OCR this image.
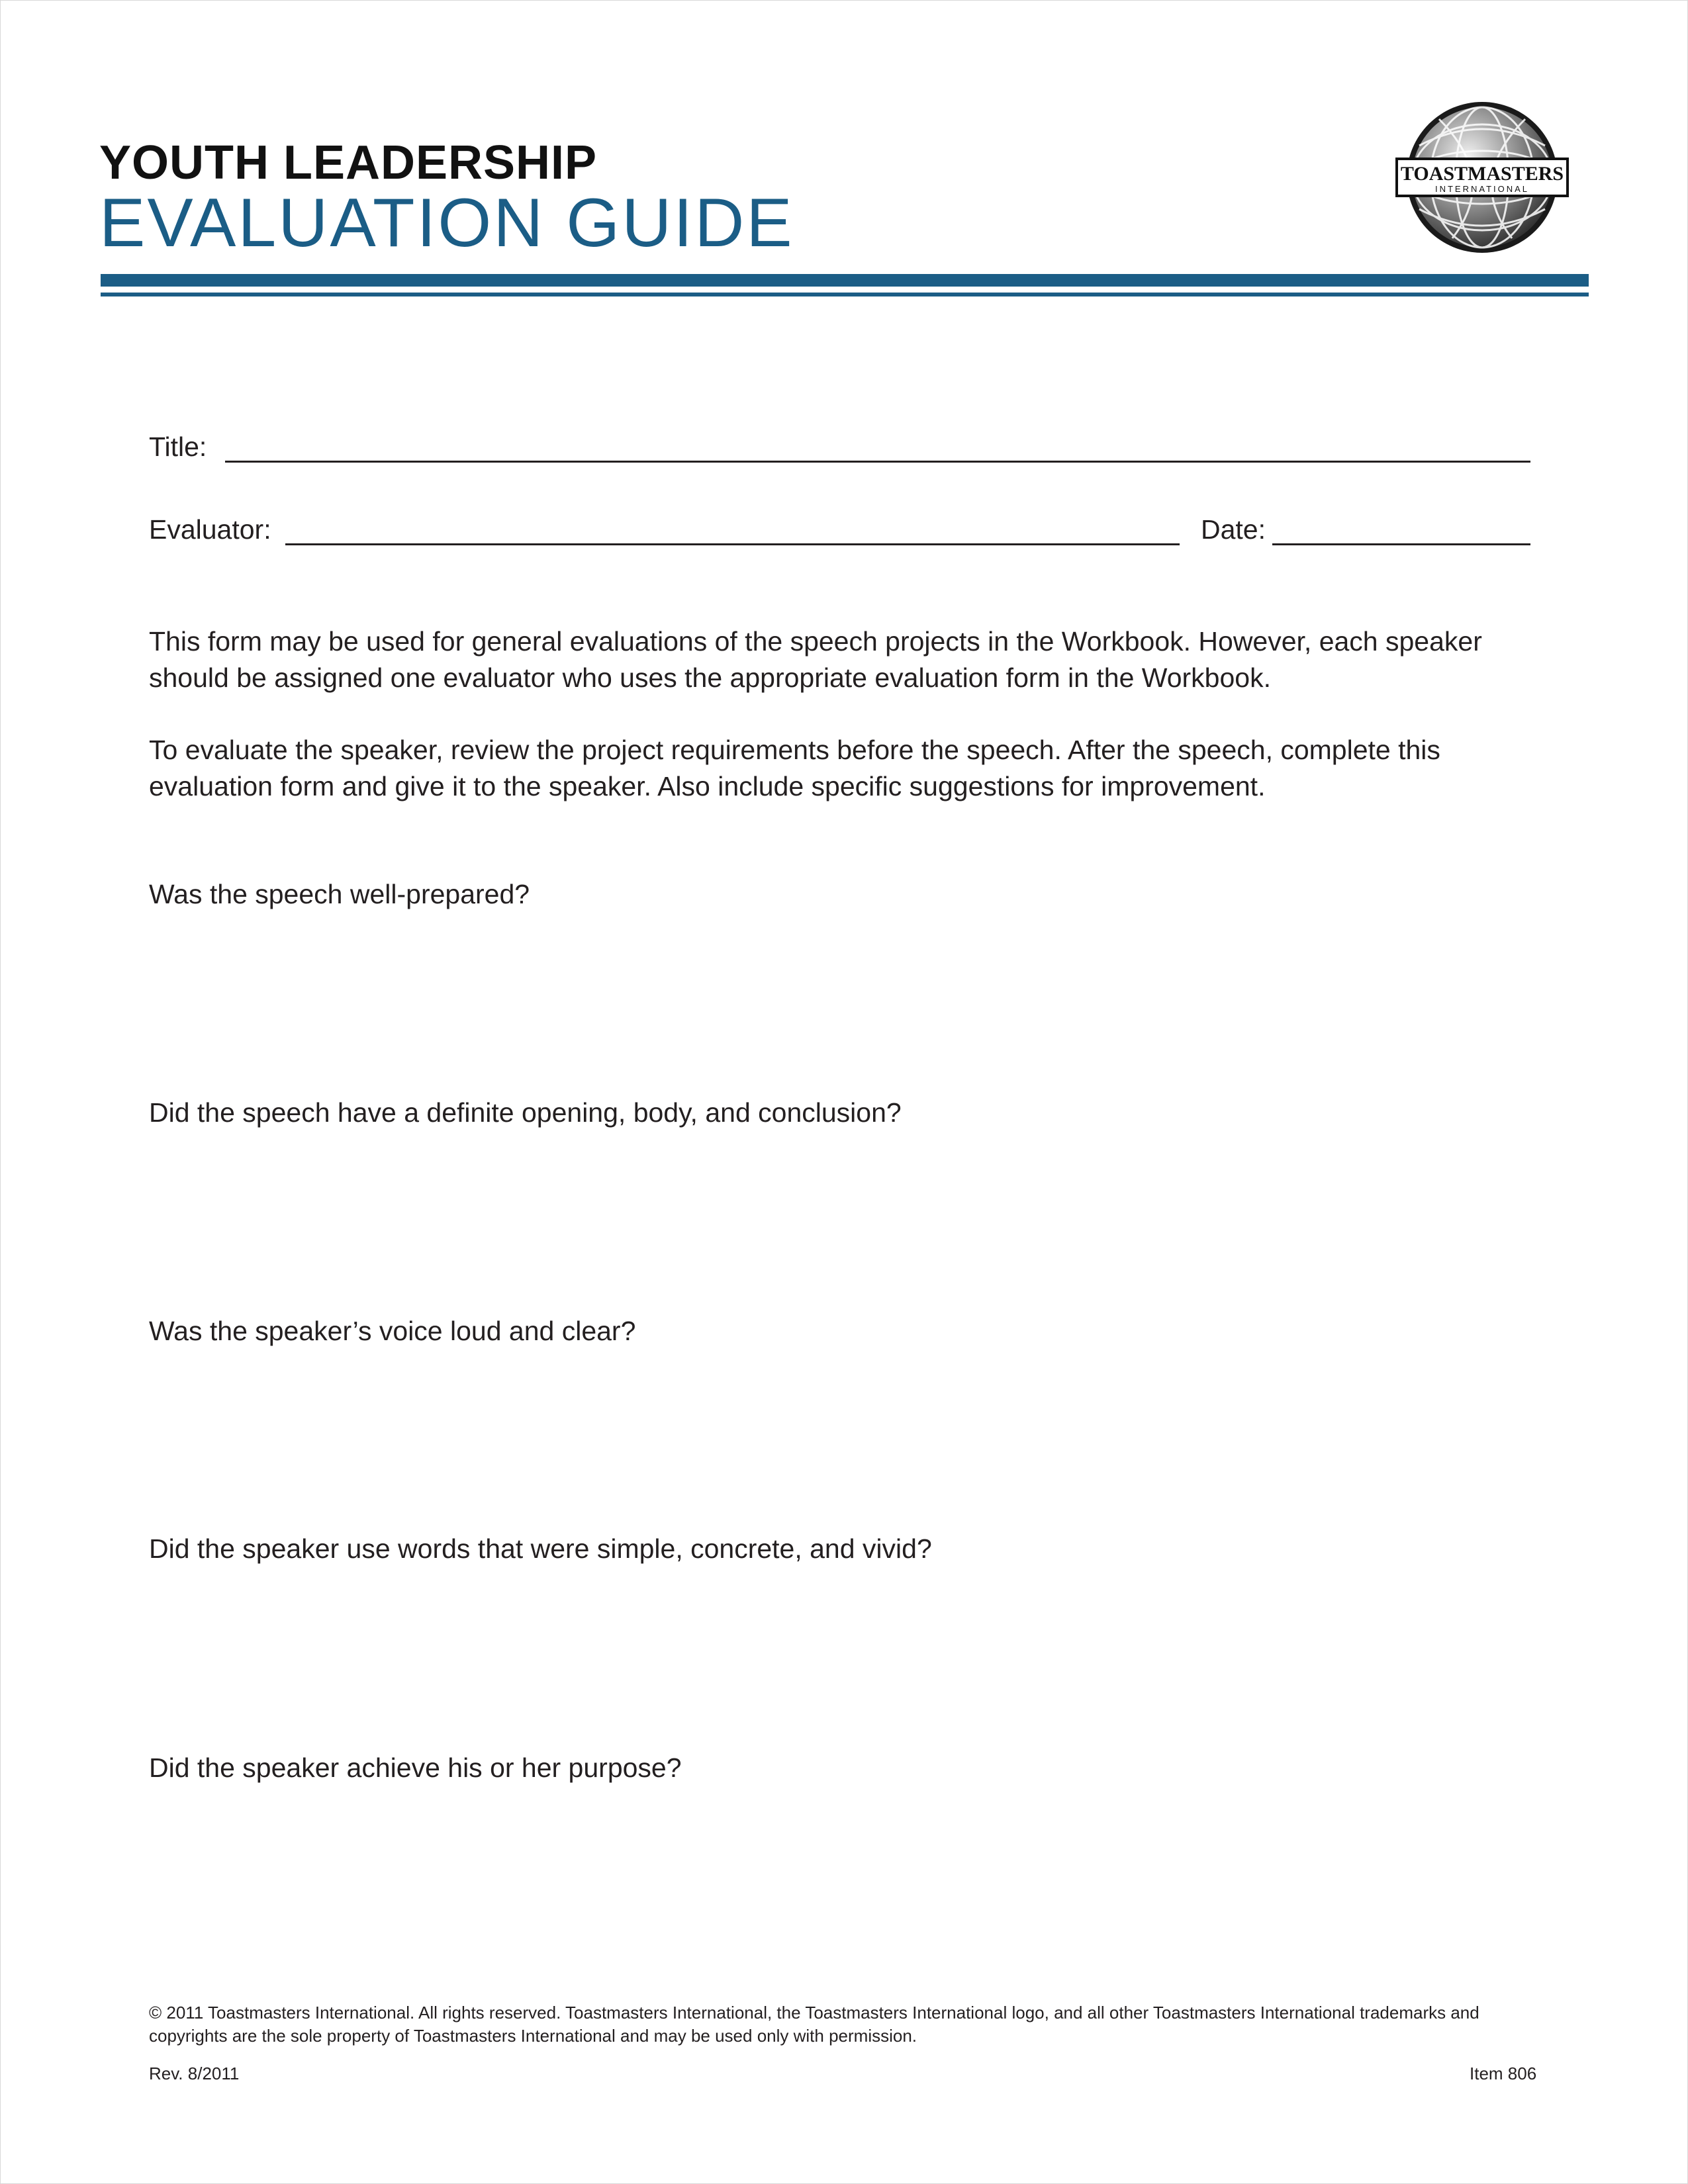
YOUTH LEADERSHIP
EVALUATION GUIDE
TOASTMASTERS
INTERNATIONAL
Title:
Evaluator:	Date:

This form may be used for general evaluations of the speech projects in the Workbook. However, each speaker should be assigned one evaluator who uses the appropriate evaluation form in the Workbook.

To evaluate the speaker, review the project requirements before the speech. After the speech, complete this evaluation form and give it to the speaker. Also include specific suggestions for improvement.

Was the speech well-prepared?
Did the speech have a definite opening, body, and conclusion?
Was the speaker’s voice loud and clear?
Did the speaker use words that were simple, concrete, and vivid?
Did the speaker achieve his or her purpose?

© 2011 Toastmasters International. All rights reserved. Toastmasters International, the Toastmasters International logo, and all other Toastmasters International trademarks and copyrights are the sole property of Toastmasters International and may be used only with permission.

Rev. 8/2011	Item 806
